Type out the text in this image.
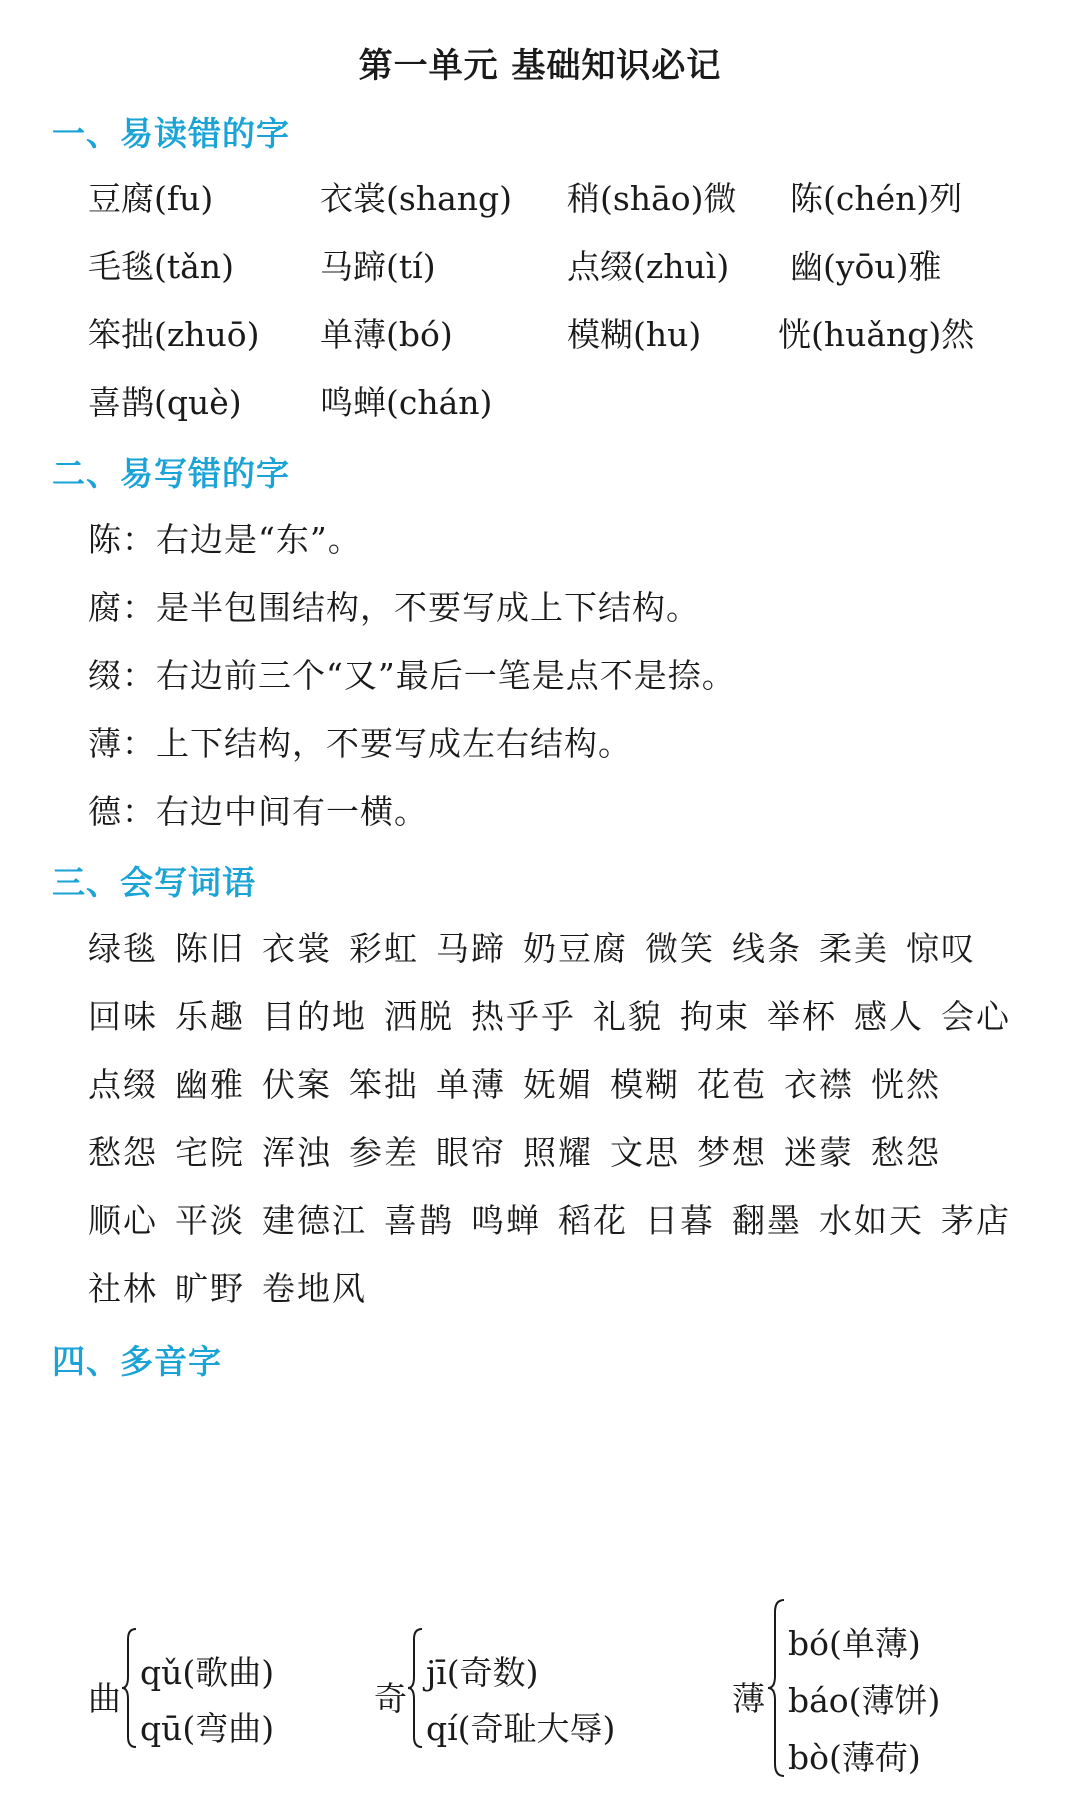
第一单元 基础知识必记
一、易读错的字
豆腐(fu)	衣裳(shang) 稍(shāo)微 陈(chén)列
毛毯(tǎn)	马蹄(tí)	点缀(zhuì) 幽(yōu)雅
笨拙(zhuō) 单薄(bó)	模糊(hu) 恍(huǎng)然
喜鹊(què) 鸣蝉(chán)
二、易写错的字
陈：右边是“东”。
腐：是半包围结构，不要写成上下结构。
缀：右边前三个“又”最后一笔是点不是捺。
薄：上下结构，不要写成左右结构。
德：右边中间有一横。
三、会写词语
绿毯 陈旧 衣裳 彩虹 马蹄 奶豆腐 微笑 线条 柔美 惊叹
回味 乐趣 目的地 洒脱 热乎乎 礼貌 拘束 举杯 感人 会心
点缀 幽雅 伏案 笨拙 单薄 妩媚 模糊 花苞 衣襟 恍然
愁怨 宅院 浑浊 参差 眼帘 照耀 文思 梦想 迷蒙 愁怨
顺心 平淡 建德江 喜鹊 鸣蝉 稻花 日暮 翻墨 水如天 茅店
社林 旷野 卷地风
四、多音字
曲
qǔ(歌曲)
qū(弯曲)
奇
jī(奇数)
qí(奇耻大辱)
薄
bó(单薄)
báo(薄饼)
bò(薄荷)
